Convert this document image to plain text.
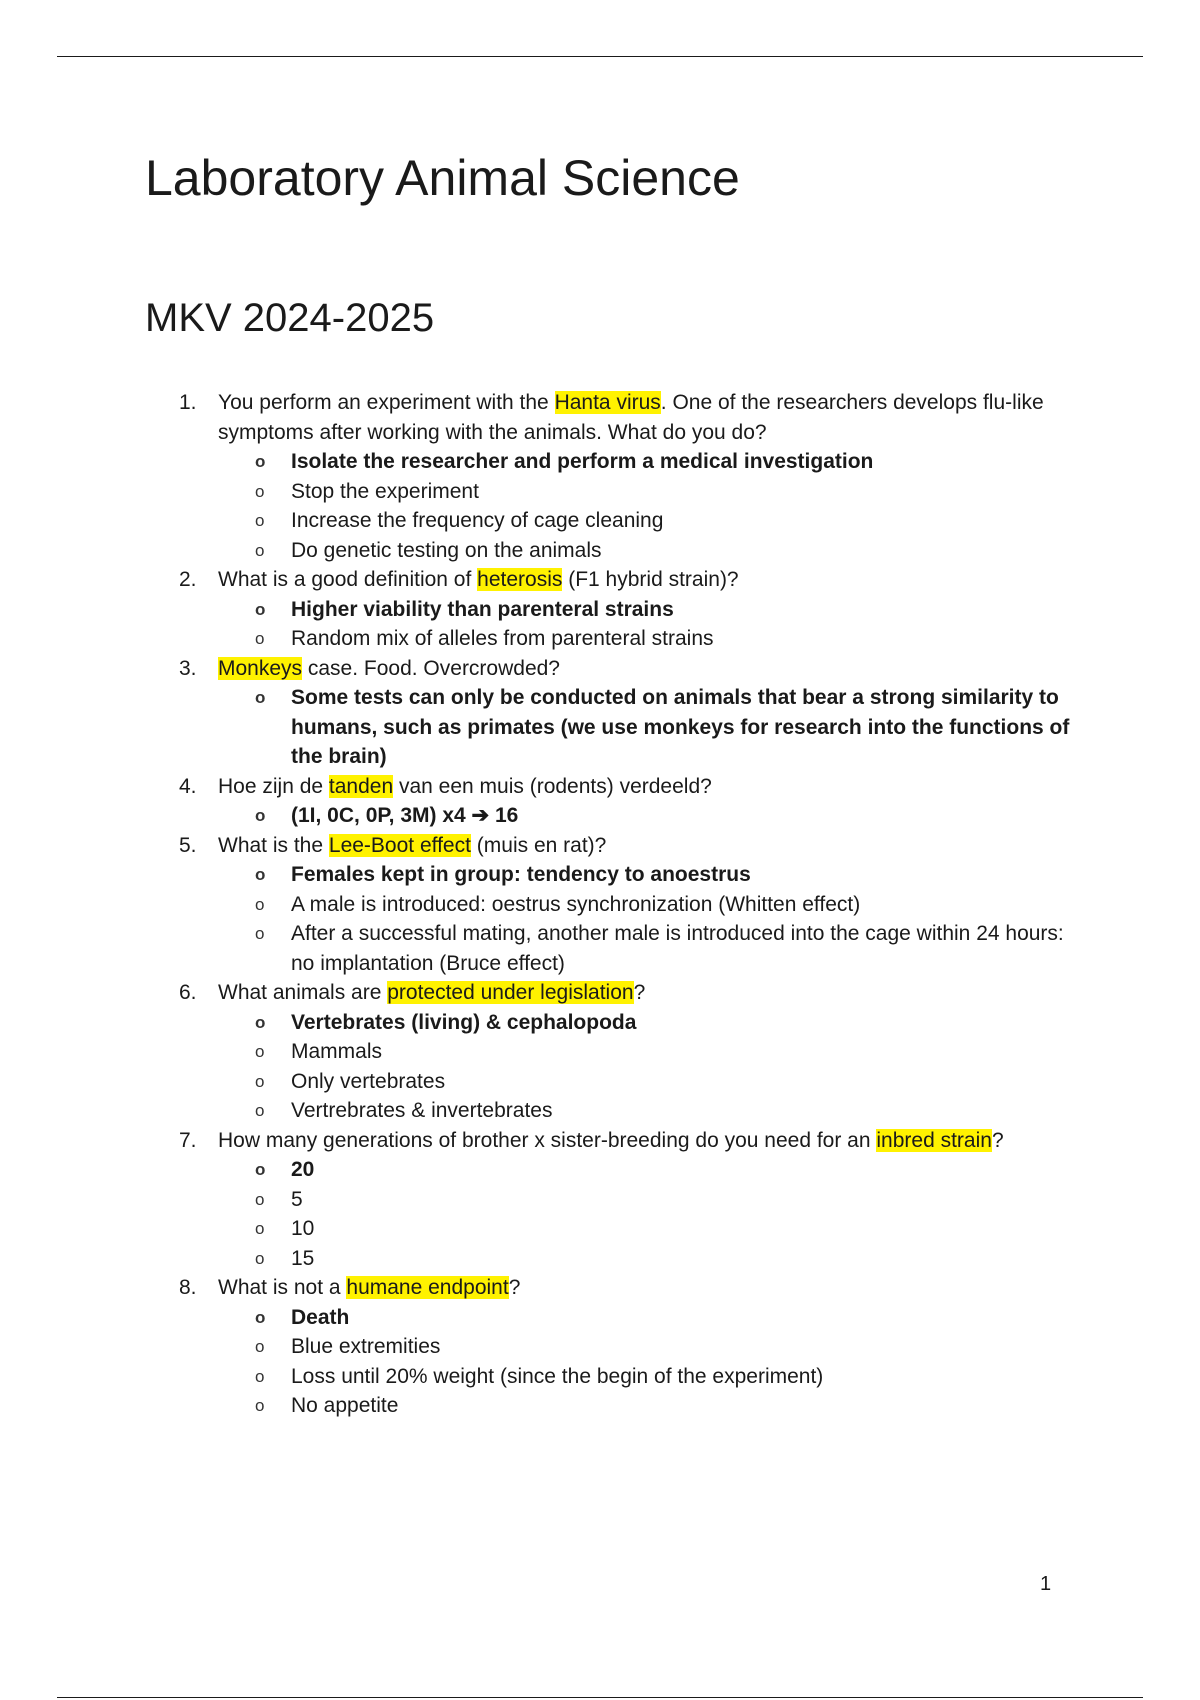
Laboratory Animal Science
MKV 2024-2025
1. You perform an experiment with the Hanta virus. One of the researchers develops flu-like symptoms after working with the animals. What do you do?
o Isolate the researcher and perform a medical investigation
o Stop the experiment
o Increase the frequency of cage cleaning
o Do genetic testing on the animals
2. What is a good definition of heterosis (F1 hybrid strain)?
o Higher viability than parenteral strains
o Random mix of alleles from parenteral strains
3. Monkeys case. Food. Overcrowded?
o Some tests can only be conducted on animals that bear a strong similarity to humans, such as primates (we use monkeys for research into the functions of the brain)
4. Hoe zijn de tanden van een muis (rodents) verdeeld?
o (1I, 0C, 0P, 3M) x4 ➔ 16
5. What is the Lee-Boot effect (muis en rat)?
o Females kept in group: tendency to anoestrus
o A male is introduced: oestrus synchronization (Whitten effect)
o After a successful mating, another male is introduced into the cage within 24 hours: no implantation (Bruce effect)
6. What animals are protected under legislation?
o Vertebrates (living) & cephalopoda
o Mammals
o Only vertebrates
o Vertrebrates & invertebrates
7. How many generations of brother x sister-breeding do you need for an inbred strain?
o 20
o 5
o 10
o 15
8. What is not a humane endpoint?
o Death
o Blue extremities
o Loss until 20% weight (since the begin of the experiment)
o No appetite
1
